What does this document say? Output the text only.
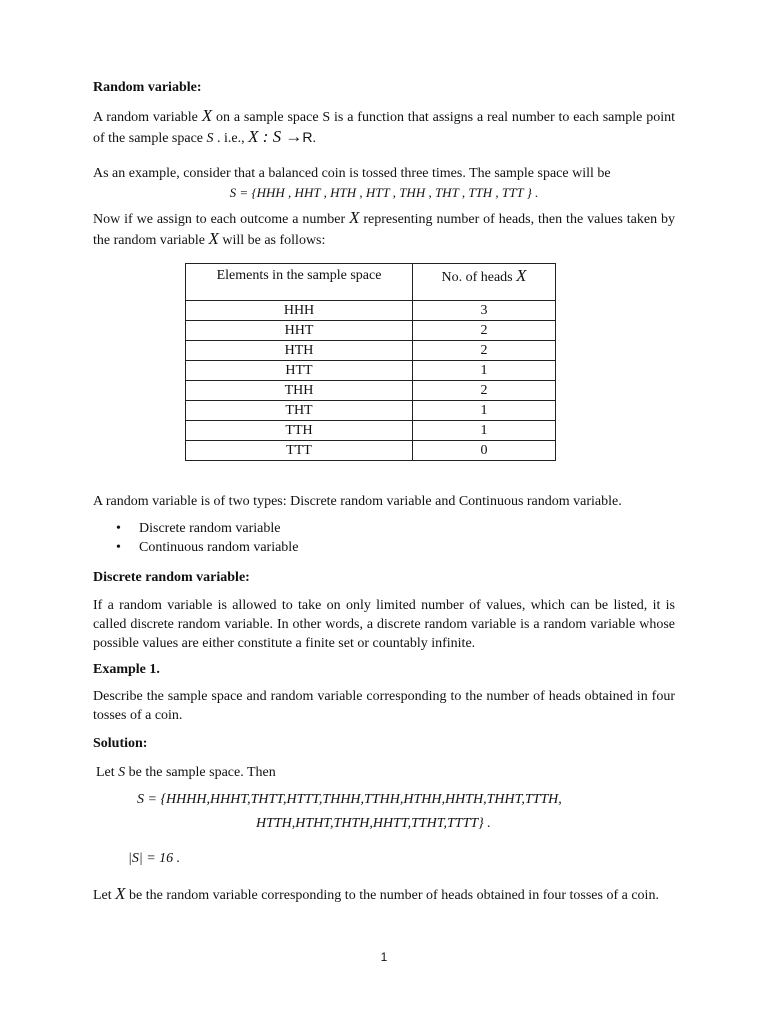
Random variable:
A random variable X on a sample space S is a function that assigns a real number to each sample point of the sample space S . i.e., X : S →R.
As an example, consider that a balanced coin is tossed three times. The sample space will be
S = {HHH , HHT , HTH , HTT , THH , THT , TTH , TTT } .
Now if we assign to each outcome a number X representing number of heads, then the values taken by the random variable X will be as follows:
Elements in the sample space	No. of heads X
HHH	3
HHT	2
HTH	2
HTT	1
THH	2
THT	1
TTH	1
TTT	0
A random variable is of two types: Discrete random variable and Continuous random variable.
• Discrete random variable
• Continuous random variable
Discrete random variable:
If a random variable is allowed to take on only limited number of values, which can be listed, it is called discrete random variable. In other words, a discrete random variable is a random variable whose possible values are either constitute a finite set or countably infinite.
Example 1.
Describe the sample space and random variable corresponding to the number of heads obtained in four tosses of a coin.
Solution:
Let S be the sample space. Then
S = {HHHH,HHHT,THTT,HTTT,THHH,TTHH,HTHH,HHTH,THHT,TTTH,
HTTH,HTHT,THTH,HHTT,TTHT,TTTT} .
|S| = 16 .
Let X be the random variable corresponding to the number of heads obtained in four tosses of a coin.
1
